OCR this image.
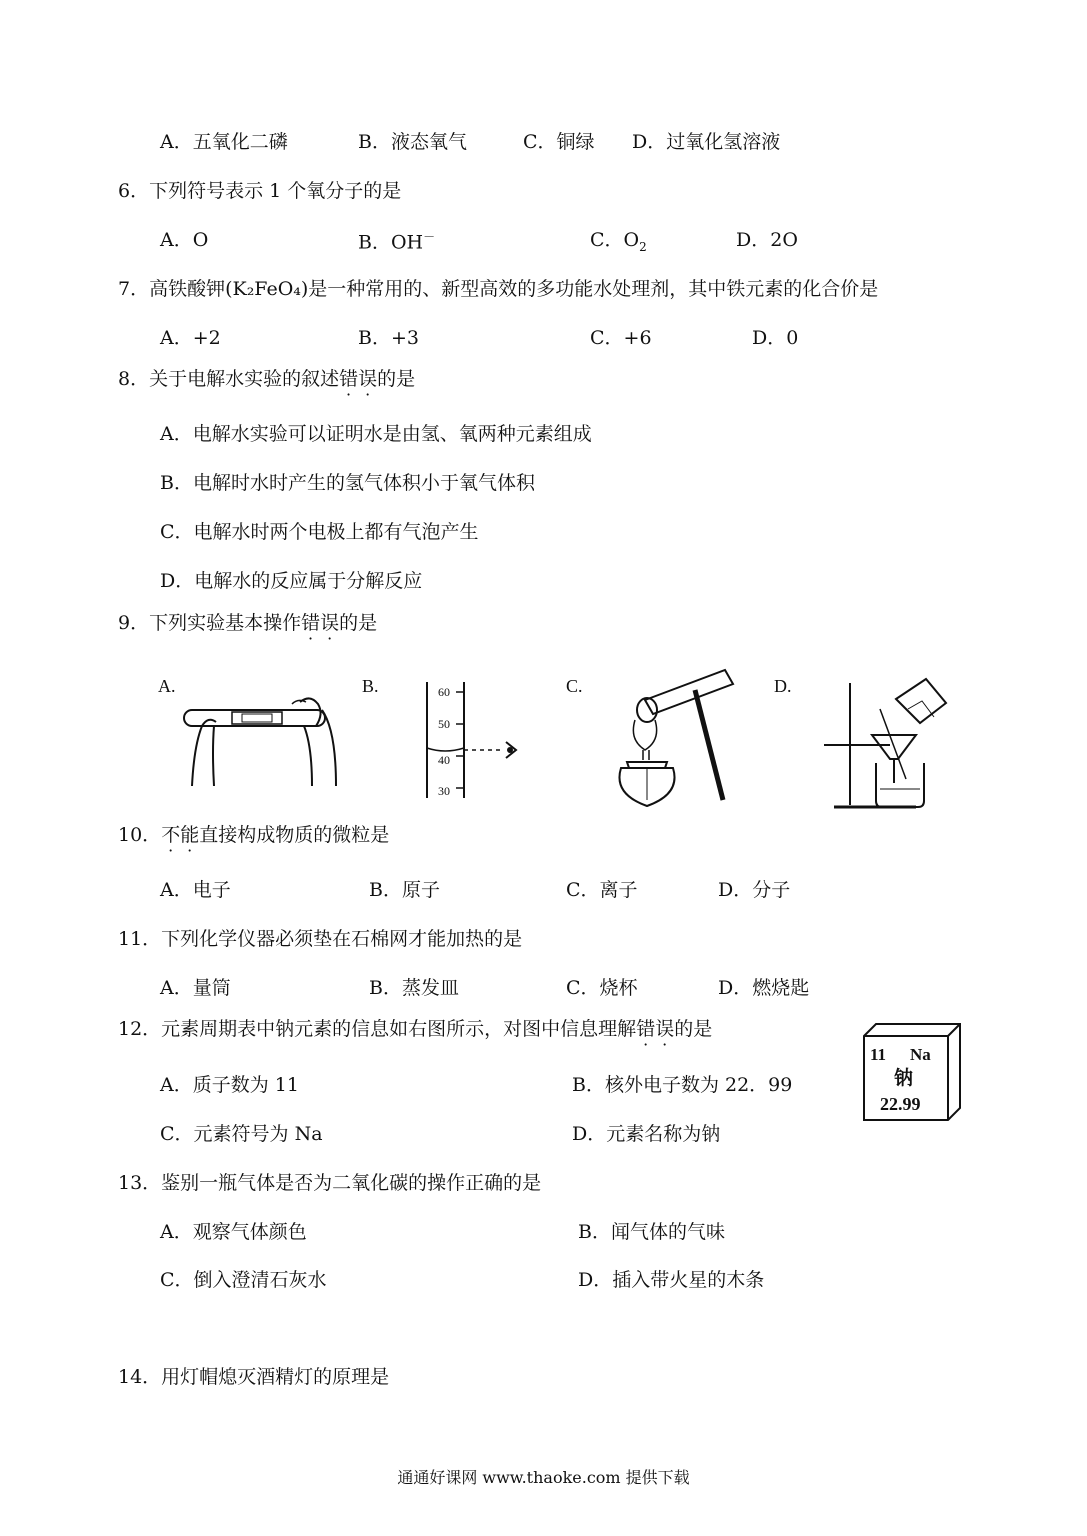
A．五氧化二磷	B．液态氧气	C．铜绿 D．过氧化氢溶液
6．下列符号表示 1 个氧分子的是
A．O	B．OH－	C．$O_2$	D．2O
7．高铁酸钾(K₂FeO₄)是一种常用的、新型高效的多功能水处理剂，其中铁元素的化合价是
A．+2	B．+3	C．+6	D．0
8．关于电解水实验的叙述错误的是
A．电解水实验可以证明水是由氢、氧两种元素组成
B．电解时水时产生的氢气体积小于氧气体积
C．电解水时两个电极上都有气泡产生
D．电解水的反应属于分解反应
9．下列实验基本操作错误的是
A.	B.	C.	D.
60
50
40
30
10．不能直接构成物质的微粒是
A．电子	B．原子	C．离子	D．分子
11．下列化学仪器必须垫在石棉网才能加热的是
A．量筒	B．蒸发皿	C．烧杯	D．燃烧匙
12．元素周期表中钠元素的信息如右图所示，对图中信息理解错误的是
A．质子数为 11	B．核外电子数为 22．99
C．元素符号为 Na	D．元素名称为钠
11 Na
钠
22.99
13．鉴别一瓶气体是否为二氧化碳的操作正确的是
A．观察气体颜色	B．闻气体的气味
C．倒入澄清石灰水	D．插入带火星的木条
14．用灯帽熄灭酒精灯的原理是
通通好课网 www.thaoke.com 提供下载
